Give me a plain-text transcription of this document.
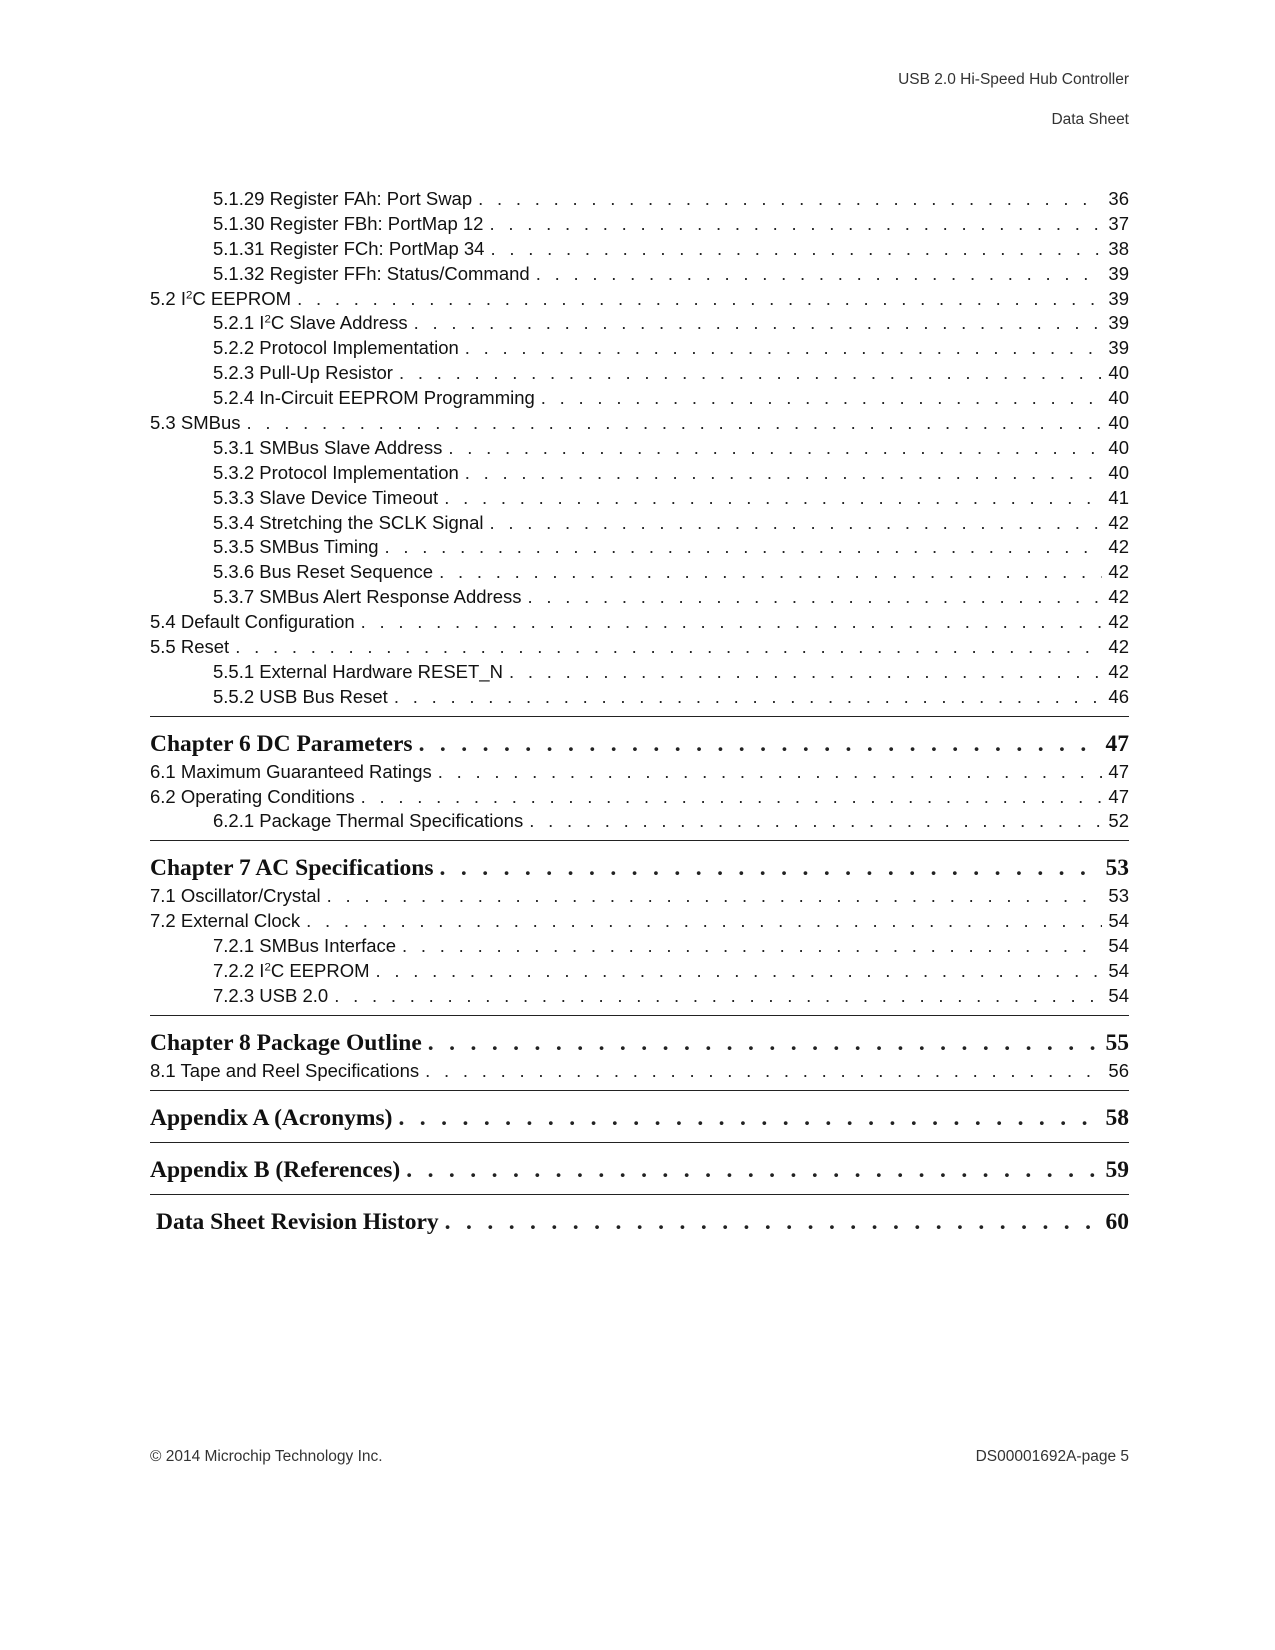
USB 2.0 Hi-Speed Hub Controller
Data Sheet
5.1.29 Register FAh: Port Swap . . .	36
5.1.30 Register FBh: PortMap 12 . . .	37
5.1.31 Register FCh: PortMap 34 . . .	38
5.1.32 Register FFh: Status/Command . . .	39
5.2 $I^2C$ EEPROM . . .	39
5.2.1 $I^2C$ Slave Address . . .	39
5.2.2 Protocol Implementation . . .	39
5.2.3 Pull-Up Resistor . . .	40
5.2.4 In-Circuit EEPROM Programming . . .	40
5.3 SMBus . . .	40
5.3.1 SMBus Slave Address . . .	40
5.3.2 Protocol Implementation . . .	40
5.3.3 Slave Device Timeout . . .	41
5.3.4 Stretching the SCLK Signal . . .	42
5.3.5 SMBus Timing . . .	42
5.3.6 Bus Reset Sequence . . .	42
5.3.7 SMBus Alert Response Address . . .	42
5.4 Default Configuration . . .	42
5.5 Reset . . .	42
5.5.1 External Hardware RESET_N . . .	42
5.5.2 USB Bus Reset . . .	46
Chapter 6 DC Parameters . . .	47
6.1 Maximum Guaranteed Ratings . . .	47
6.2 Operating Conditions . . .	47
6.2.1 Package Thermal Specifications . . .	52
Chapter 7 AC Specifications . . .	53
7.1 Oscillator/Crystal . . .	53
7.2 External Clock . . .	54
7.2.1 SMBus Interface . . .	54
7.2.2 $I^2C$ EEPROM . . .	54
7.2.3 USB 2.0 . . .	54
Chapter 8 Package Outline . . .	55
8.1 Tape and Reel Specifications . . .	56
Appendix A (Acronyms) . . .	58
Appendix B (References) . . .	59
Data Sheet Revision History . . .	60
© 2014 Microchip Technology Inc.	DS00001692A-page 5
